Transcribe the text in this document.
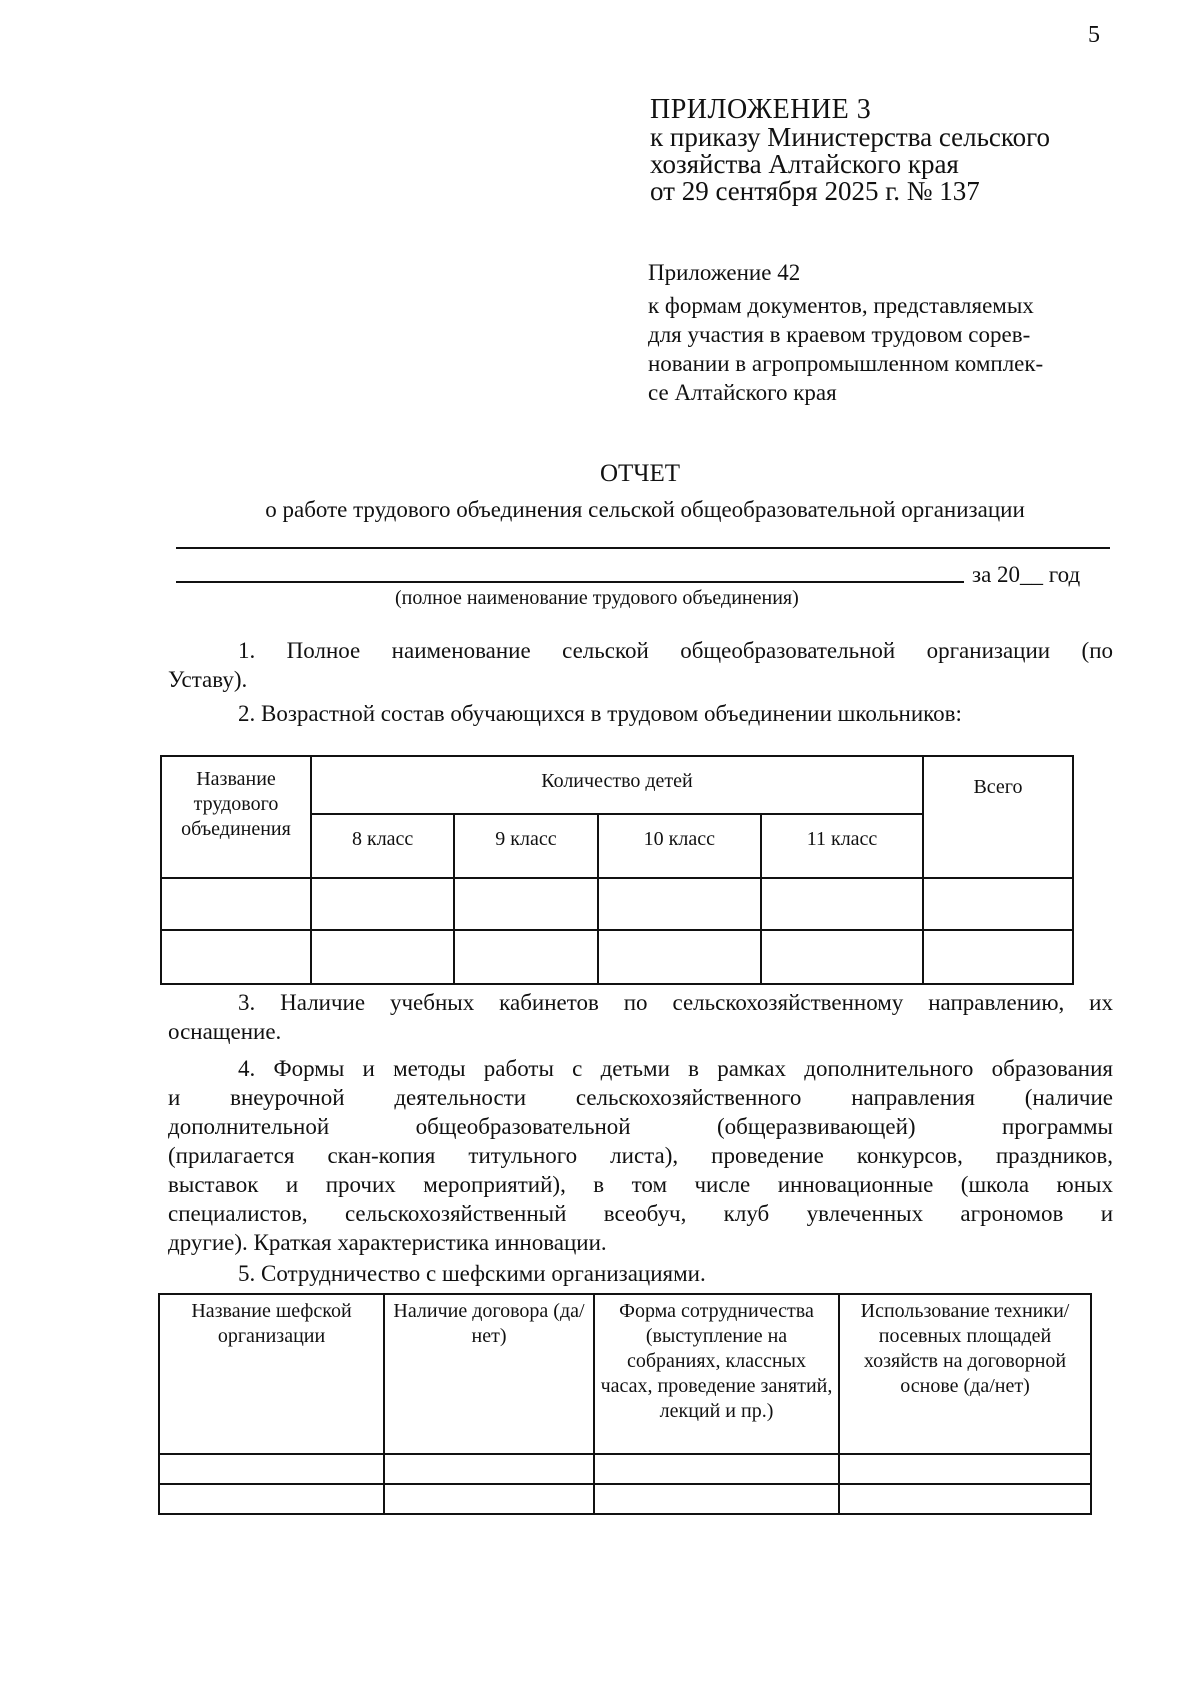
5
ПРИЛОЖЕНИЕ 3
к приказу Министерства сельского
хозяйства Алтайского края
от 29 сентября 2025 г. № 137
Приложение 42
к формам документов, представляемых
для участия в краевом трудовом сорев-
новании в агропромышленном комплек-
се Алтайского края
ОТЧЕТ
о работе трудового объединения сельской общеобразовательной организации
за 20__ год
(полное наименование трудового объединения)
1. Полное наименование сельской общеобразовательной организации (по
Уставу).
2. Возрастной состав обучающихся в трудовом объединении школьников:
Название трудового объединения	Количество детей				Всего
	8 класс	9 класс	10 класс	11 класс	

3. Наличие учебных кабинетов по сельскохозяйственному направлению, их
оснащение.
4. Формы и методы работы с детьми в рамках дополнительного образования
и внеурочной деятельности сельскохозяйственного направления (наличие
дополнительной общеобразовательной (общеразвивающей) программы
(прилагается скан-копия титульного листа), проведение конкурсов, праздников,
выставок и прочих мероприятий), в том числе инновационные (школа юных
специалистов, сельскохозяйственный всеобуч, клуб увлеченных агрономов и
другие). Краткая характеристика инновации.
5. Сотрудничество с шефскими организациями.
Название шефской организации	Наличие договора (да/нет)	Форма сотрудничества (выступление на собраниях, классных часах, проведение занятий, лекций и пр.)	Использование техники/посевных площадей хозяйств на договорной основе (да/нет)
